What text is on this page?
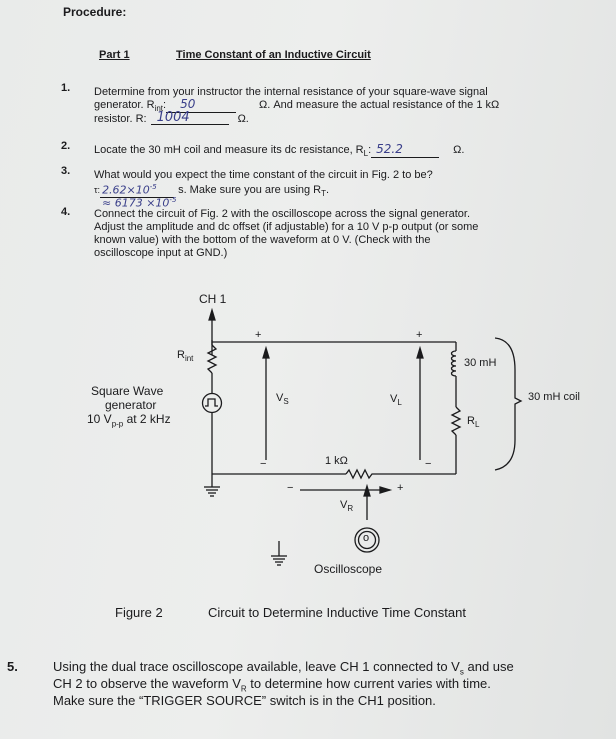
Procedure:
Part 1	Time Constant of an Inductive Circuit
1. Determine from your instructor the internal resistance of your square-wave signal
generator. $R_{int}$: 50	Ω. And measure the actual resistance of the 1 kΩ
resistor. R: 1004	Ω.
2. Locate the 30 mH coil and measure its dc resistance, $R_L$: 52.2	Ω.
3. What would you expect the time constant of the circuit in Fig. 2 to be?
τ: $2.62\times 10^{-5}$ s. Make sure you are using $R_T$.
≈ $6173 \times 10^{-5}$
4. Connect the circuit of Fig. 2 with the oscilloscope across the signal generator.
Adjust the amplitude and dc offset (if adjustable) for a 10 V p-p output (or some
known value) with the bottom of the waveform at 0 V. (Check with the
oscilloscope input at GND.)
CH 1
$R_{int}$
Square Wave
generator
10 $V_{p-p}$ at 2 kHz
+
−
$V_S$
+
−
$V_L$
30 mH
$R_L$
30 mH coil
1 kΩ
−	+
$V_R$
o
Oscilloscope
Figure 2	Circuit to Determine Inductive Time Constant
5.	Using the dual trace oscilloscope available, leave CH 1 connected to $V_s$ and use
CH 2 to observe the waveform $V_R$ to determine how current varies with time.
Make sure the “TRIGGER SOURCE” switch is in the CH1 position.
